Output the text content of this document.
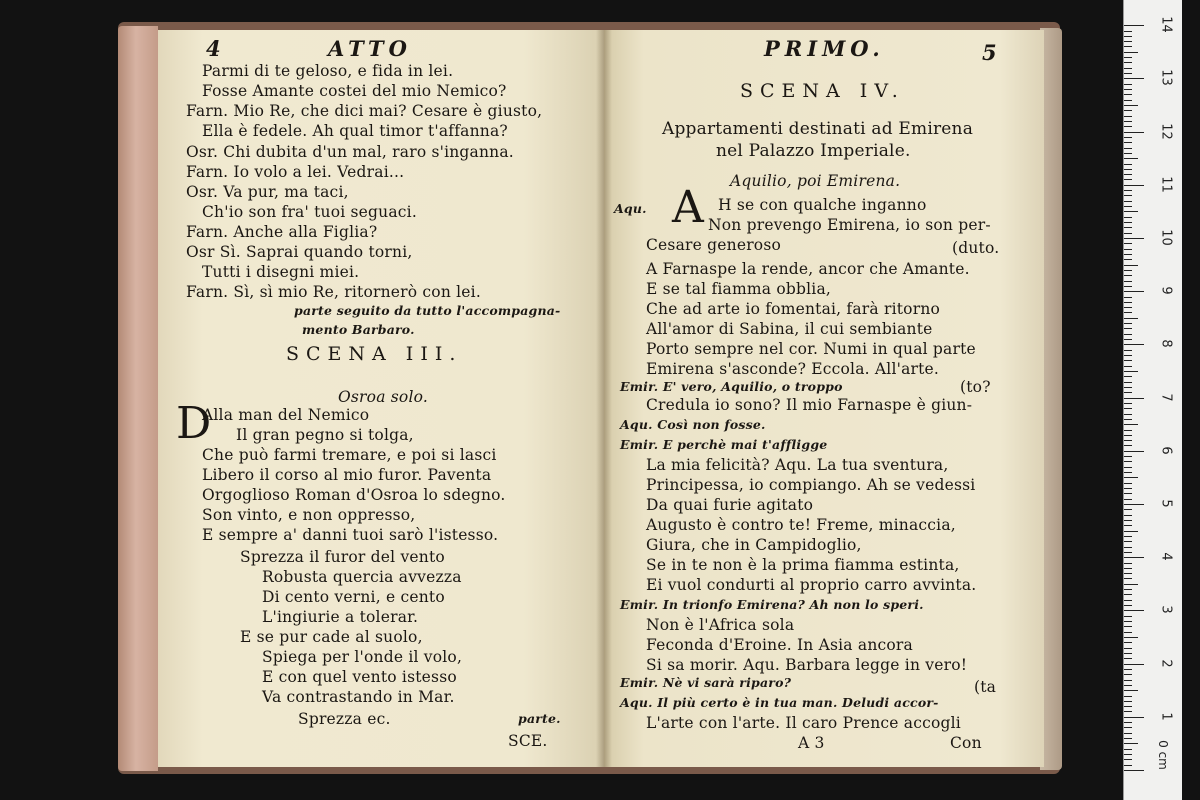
4	ATTO
Parmi di te geloso, e fida in lei.
Fosse Amante costei del mio Nemico?
Farn. Mio Re, che dici mai? Cesare è giusto,
Ella è fedele. Ah qual timor t'affanna?
Osr. Chi dubita d'un mal, raro s'inganna.
Farn. Io volo a lei. Vedrai...
Osr. Va pur, ma taci,
Ch'io son fra' tuoi seguaci.
Farn. Anche alla Figlia?
Osr Sì. Saprai quando torni,
Tutti i disegni miei.
Farn. Sì, sì mio Re, ritornerò con lei.
parte seguito da tutto l'accompagna-
mento Barbaro.
SCENA III.
Osroa solo.
D
Alla man del Nemico
Il gran pegno si tolga,
Che può farmi tremare, e poi si lasci
Libero il corso al mio furor. Paventa
Orgoglioso Roman d'Osroa lo sdegno.
Son vinto, e non oppresso,
E sempre a' danni tuoi sarò l'istesso.
Sprezza il furor del vento
Robusta quercia avvezza
Di cento verni, e cento
L'ingiurie a tolerar.
E se pur cade al suolo,
Spiega per l'onde il volo,
E con quel vento istesso
Va contrastando in Mar.
Sprezza ec.	parte.
SCE.
PRIMO.	5
SCENA IV.
Appartamenti destinati ad Emirena
nel Palazzo Imperiale.
Aquilio, poi Emirena.
A
Aqu.	H se con qualche inganno
Non prevengo Emirena, io son per-
Cesare generoso	(duto.
A Farnaspe la rende, ancor che Amante.
E se tal fiamma obblia,
Che ad arte io fomentai, farà ritorno
All'amor di Sabina, il cui sembiante
Porto sempre nel cor. Numi in qual parte
Emirena s'asconde? Eccola. All'arte.
Emir. E' vero, Aquilio, o troppo	(to?
Credula io sono? Il mio Farnaspe è giun-
Aqu. Così non fosse.
Emir. E perchè mai t'affligge
La mia felicità? Aqu. La tua sventura,
Principessa, io compiango. Ah se vedessi
Da quai furie agitato
Augusto è contro te! Freme, minaccia,
Giura, che in Campidoglio,
Se in te non è la prima fiamma estinta,
Ei vuol condurti al proprio carro avvinta.
Emir. In trionfo Emirena? Ah non lo speri.
Non è l'Africa sola
Feconda d'Eroine. In Asia ancora
Si sa morir. Aqu. Barbara legge in vero!
Emir. Nè vi sarà riparo?	(ta
Aqu. Il più certo è in tua man. Deludi accor-
L'arte con l'arte. Il caro Prence accogli
A 3	Con
1
2
3
4
5
6
7
8
9
10
11
12
13
14
0 cm
